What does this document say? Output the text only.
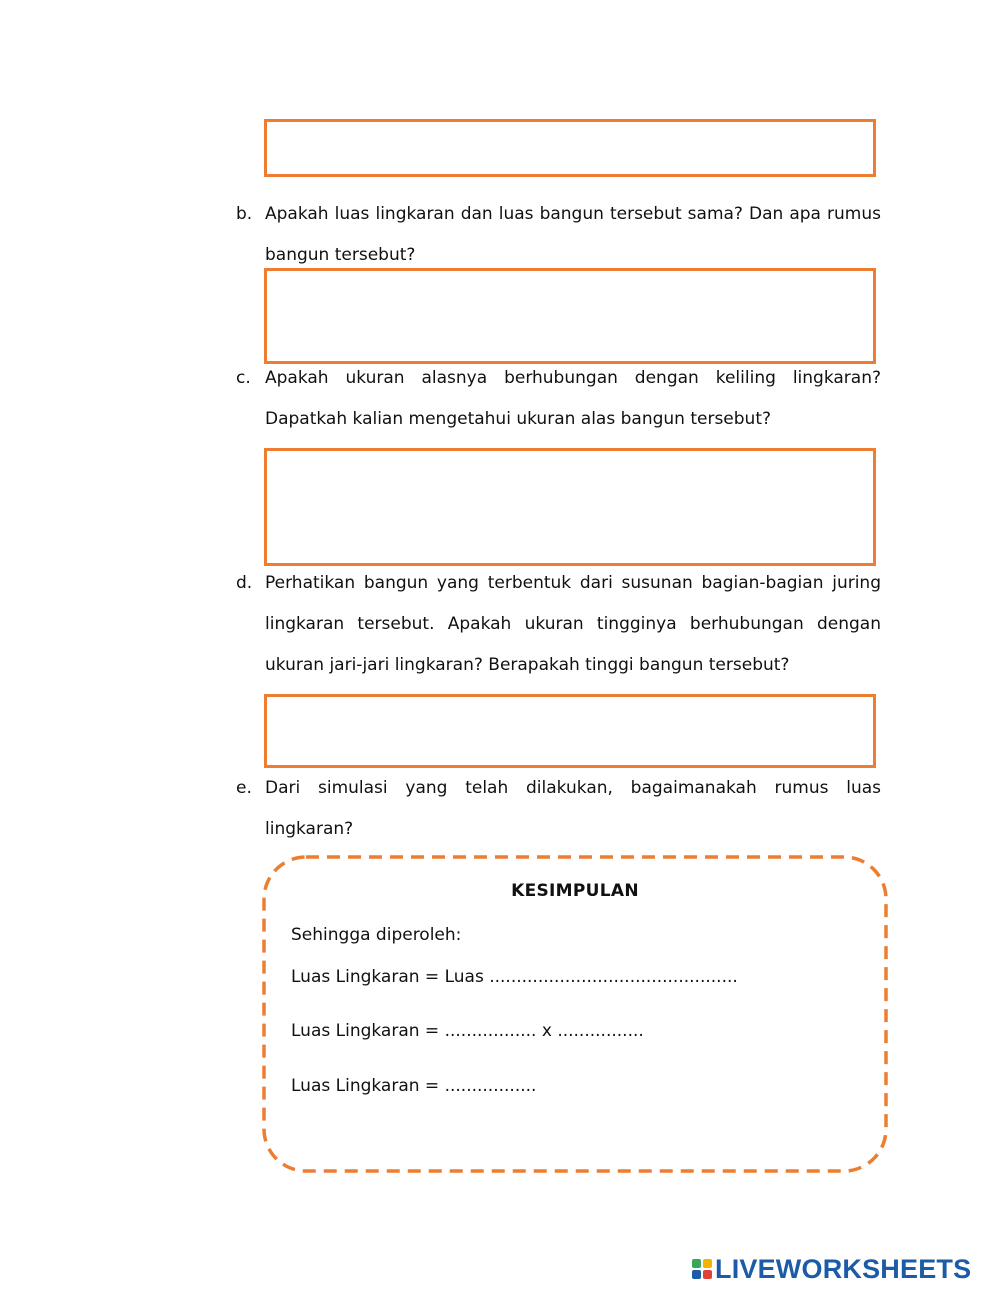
b. Apakah luas lingkaran dan luas bangun tersebut sama? Dan apa rumus bangun tersebut?
c. Apakah ukuran alasnya berhubungan dengan keliling lingkaran? Dapatkah kalian mengetahui ukuran alas bangun tersebut?
d. Perhatikan bangun yang terbentuk dari susunan bagian-bagian juring lingkaran tersebut. Apakah ukuran tingginya berhubungan dengan ukuran jari-jari lingkaran? Berapakah tinggi bangun tersebut?
e. Dari simulasi yang telah dilakukan, bagaimanakah rumus luas lingkaran?
KESIMPULAN
Sehingga diperoleh:
Luas Lingkaran = Luas ..............................................
Luas Lingkaran = ................. x ................
Luas Lingkaran = .................
LIVEWORKSHEETS
